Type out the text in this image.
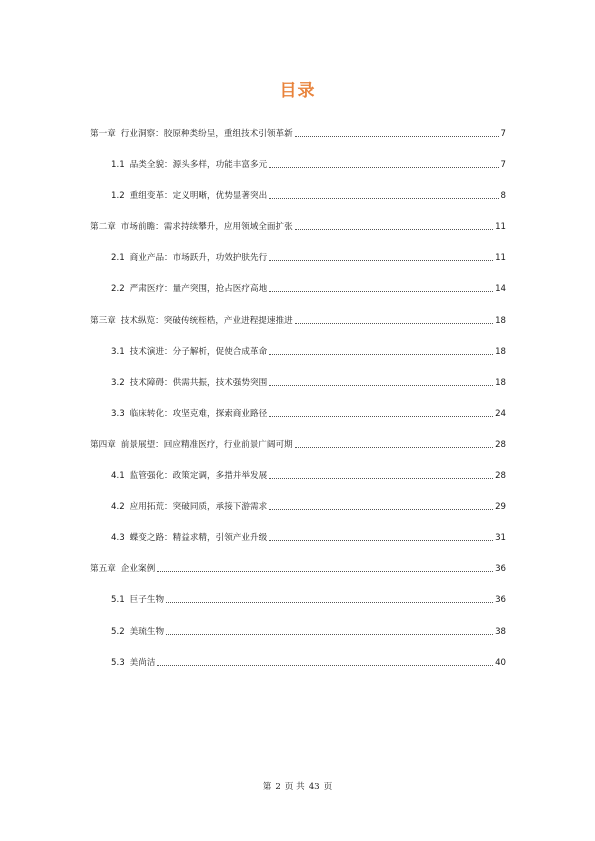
目录
第一章 行业洞察：胶原种类纷呈，重组技术引领革新	7
1.1 品类全貌：源头多样，功能丰富多元	7
1.2 重组变革：定义明晰，优势显著突出	8
第二章 市场前瞻：需求持续攀升，应用领域全面扩张	11
2.1 商业产品：市场跃升，功效护肤先行	11
2.2 严肃医疗：量产突围，抢占医疗高地	14
第三章 技术纵览：突破传统桎梏，产业进程提速推进	18
3.1 技术演进：分子解析，促使合成革命	18
3.2 技术障碍：供需共振，技术强势突围	18
3.3 临床转化：攻坚克难，探索商业路径	24
第四章 前景展望：回应精准医疗，行业前景广阔可期	28
4.1 监管强化：政策定调，多措并举发展	28
4.2 应用拓荒：突破同质，承接下游需求	29
4.3 蝶变之路：精益求精，引领产业升级	31
第五章 企业案例	36
5.1 巨子生物	36
5.2 美琉生物	38
5.3 美尚洁	40
第 2 页 共 43 页
